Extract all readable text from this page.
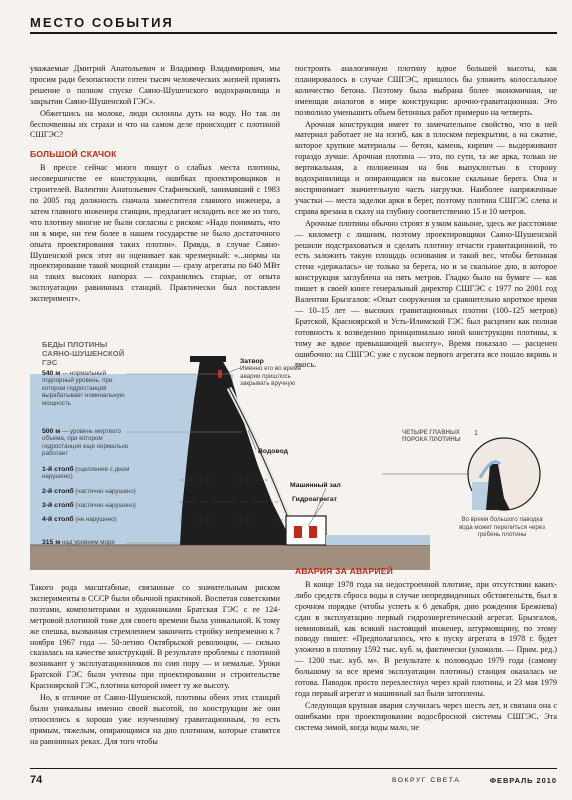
МЕСТО СОБЫТИЯ

уважаемые Дмитрий Анатольевич и Владимир Владимирович, мы просим ради безопасности сотен тысяч человеческих жизней принять решение о полном спуске Саяно-Шушенского водохранилища и закрытии Саяно-Шушенской ГЭС».

Обжегшись на молоке, люди склонны дуть на воду. Но так ли беспочвенны их страхи и что на самом деле происходит с плотиной СШГЭС?

БОЛЬШОЙ СКАЧОК

В прессе сейчас много пишут о слабых места плотины, несовершенстве ее конструкции, ошибках проектировщиков и строителей. Валентин Анатольевич Стафиевский, занимавший с 1983 по 2005 год должность сначала заместителя главного инженера, а затем главного инженера станции, предлагает исходить все же из того, что плотину многие не были согласны с риском: «Надо понимать, что ни в мире, ни тем более в нашем государстве не было достаточного опыта проектирования таких плотин». Правда, в случае Саяно-Шушенской риск этот он оценивает как чрезмерный: «...нормы на проектирование такой мощной станции — сразу агрегаты по 640 МВт на таких высоких напорах — сохранились старые, от опыта эксплуатации равнинных станций. Практически был поставлен эксперимент».

построить аналогичную плотину вдвое большей высоты, как планировалось в случае СШГЭС, пришлось бы уложить колоссальное количество бетона. Поэтому была выбрана более экономичная, не имеющая аналогов в мире конструкция: арочно-гравитационная. Это позволило уменьшить объем бетонных работ примерно на четверть.

Арочная конструкция имеет то замечательное свойство, что в ней материал работает не на изгиб, как в плоском перекрытии, а на сжатие, которое хрупкие материалы — бетон, камень, кирпич — выдерживают гораздо лучше. Арочная плотина — это, по сути, та же арка, только не вертикальная, а положенная на бок выпуклостью в сторону водохранилища и опирающаяся на высокие скальные берега. Она и воспринимает значительную часть нагрузки. Наиболее напряженные участки — места заделки арки в берег, поэтому плотина СШГЭС слева и справа врезана в скалу на глубину соответственно 15 и 10 метров.

Арочные плотины обычно строят в узком каньоне, здесь же расстояние — километр с лишним, поэтому проектировщики Саяно-Шушенской решили подстраховаться и сделать плотину отчасти гравитационной, то есть заложить такую площадь основания и такой вес, чтобы бетонная стена «держалась» не только за берега, но и за скальное дно, в которое конструкция заглублена на пять метров. Гладко было на бумаге — как пишет в своей книге генеральный директор СШГЭС с 1977 по 2001 год Валентин Брызгалов: «Опыт сооружения за сравнительно короткое время — 10–15 лет — высоких гравитационных плотин (100–125 метров) Братской, Красноярской и Усть-Илимской ГЭС был расценен как полная готовность к возведению принципиально иной конструкции плотины, к тому же вдвое превышающей высоту». Время показало — расценен ошибочно: на СШГЭС уже с пуском первого агрегата все пошло вкривь и вкось.

БЕДЫ ПЛОТИНЫ САЯНО-ШУШЕНСКОЙ ГЭС
540 м — нормальный подпорный уровень, при котором гидростанция вырабатывает номинальную мощность
500 м — уровень мертвого объема, при котором гидростанция еще нормально работает
315 м над уровнем моря
Затвор
Именно его во время аварии пришлось закрывать вручную
Водовод
Машинный зал
Гидроагрегат
1-й столб (сцепление с дном нарушено)
2-й столб (частично нарушено)
3-й столб (частично нарушено)
4-й столб (не нарушено)
ЧЕТЫРЕ ГЛАВНЫХ ПОРОКА ПЛОТИНЫ
1
Во время большого паводка вода может перелиться через гребень плотины

Такого рода масштабные, связанные со значительным риском эксперименты в СССР были обычной практикой. Воспетая советскими поэтами, композиторами и художниками Братская ГЭС с ее 124-метровой плотиной тоже для своего времени была уникальной. К тому же спешка, вызванная стремлением закончить стройку непременно к 7 ноября 1967 года — 50-летию Октябрьской революции, — сильно сказалась на качестве конструкций. В результате проблемы с плотиной возникают у эксплуатационников по сию пору — и немалые. Уроки Братской ГЭС были учтены при проектировании и строительстве Красноярской ГЭС, плотина которой имеет ту же высоту.

Но, в отличие от Саяно-Шушенской, плотины обеих этих станций были уникальны именно своей высотой, по конструкции же они относились к хорошо уже изученному гравитационным, то есть прямым, тяжелым, опирающимся на дно плотинам, которые ставятся на равнинных реках. Для того чтобы

АВАРИЯ ЗА АВАРИЕЙ

В конце 1978 года на недостроенной плотине, при отсутствии каких-либо средств сброса воды в случае непредвиденных обстоятельств, был в срочном порядке (чтобы успеть к 6 декабря, дню рождения Брежнева) сдан в эксплуатацию первый гидроэнергетический агрегат. Брызгалов, невиновный, как всякий настоящий инженер, штурмовщину, по этому поводу пишет: «Предполагалось, что к пуску агрегата в 1978 г. будет уложено в плотину 1592 тыс. куб. м, фактически (уложили. — Прим. ред.) — 1200 тыс. куб. м». В результате к половодью 1979 года (самому большому за все время эксплуатации плотины) станция оказалась не готова. Паводок просто перехлестнул через край плотины, и 23 мая 1979 года первый агрегат и машинный зал были затоплены.

Следующая крупная авария случилась через шесть лет, и связана она с ошибками при проектировании водосбросной системы СШГЭС. Эта система зимой, когда воды мало, не

74	ВОКРУГ СВЕТА	ФЕВРАЛЬ 2010
